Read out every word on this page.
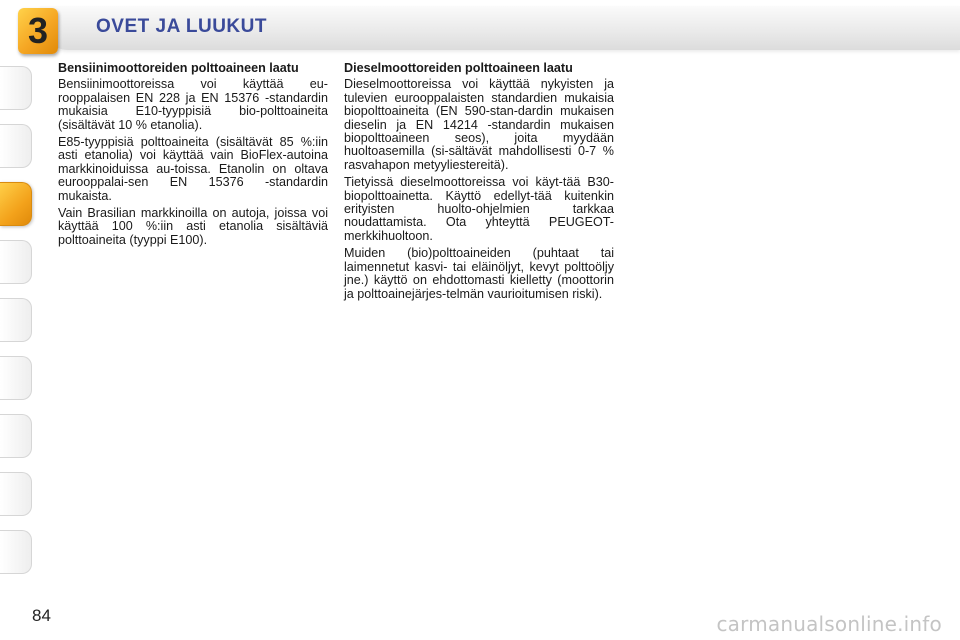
3	OVET JA LUUKUT
Bensiinimoottoreiden polttoaineen laatu

Bensiinimoottoreissa voi käyttää eu-rooppalaisen EN 228 ja EN 15376 -standardin mukaisia E10-tyyppisiä bio-polttoaineita (sisältävät 10 % etanolia).

E85-tyyppisiä polttoaineita (sisältävät 85 %:iin asti etanolia) voi käyttää vain BioFlex-autoina markkinoiduissa au-toissa. Etanolin on oltava eurooppalai-sen EN 15376 -standardin mukaista.

Vain Brasilian markkinoilla on autoja, joissa voi käyttää 100 %:iin asti etanolia sisältäviä polttoaineita (tyyppi E100).

Dieselmoottoreiden polttoaineen laatu

Dieselmoottoreissa voi käyttää nykyisten ja tulevien eurooppalaisten standardien mukaisia biopolttoaineita (EN 590-stan-dardin mukaisen dieselin ja EN 14214 -standardin mukaisen biopolttoaineen seos), joita myydään huoltoasemilla (si-sältävät mahdollisesti 0-7 % rasvahapon metyyliestereitä).

Tietyissä dieselmoottoreissa voi käyt-tää B30-biopolttoainetta. Käyttö edellyt-tää kuitenkin erityisten huolto-ohjelmien tarkkaa noudattamista. Ota yhteyttä PEUGEOT-merkkihuoltoon.

Muiden (bio)polttoaineiden (puhtaat tai laimennetut kasvi- tai eläinöljyt, kevyt polttoöljy jne.) käyttö on ehdottomasti kielletty (moottorin ja polttoainejärjes-telmän vaurioitumisen riski).

84	carmanualsonline.info
